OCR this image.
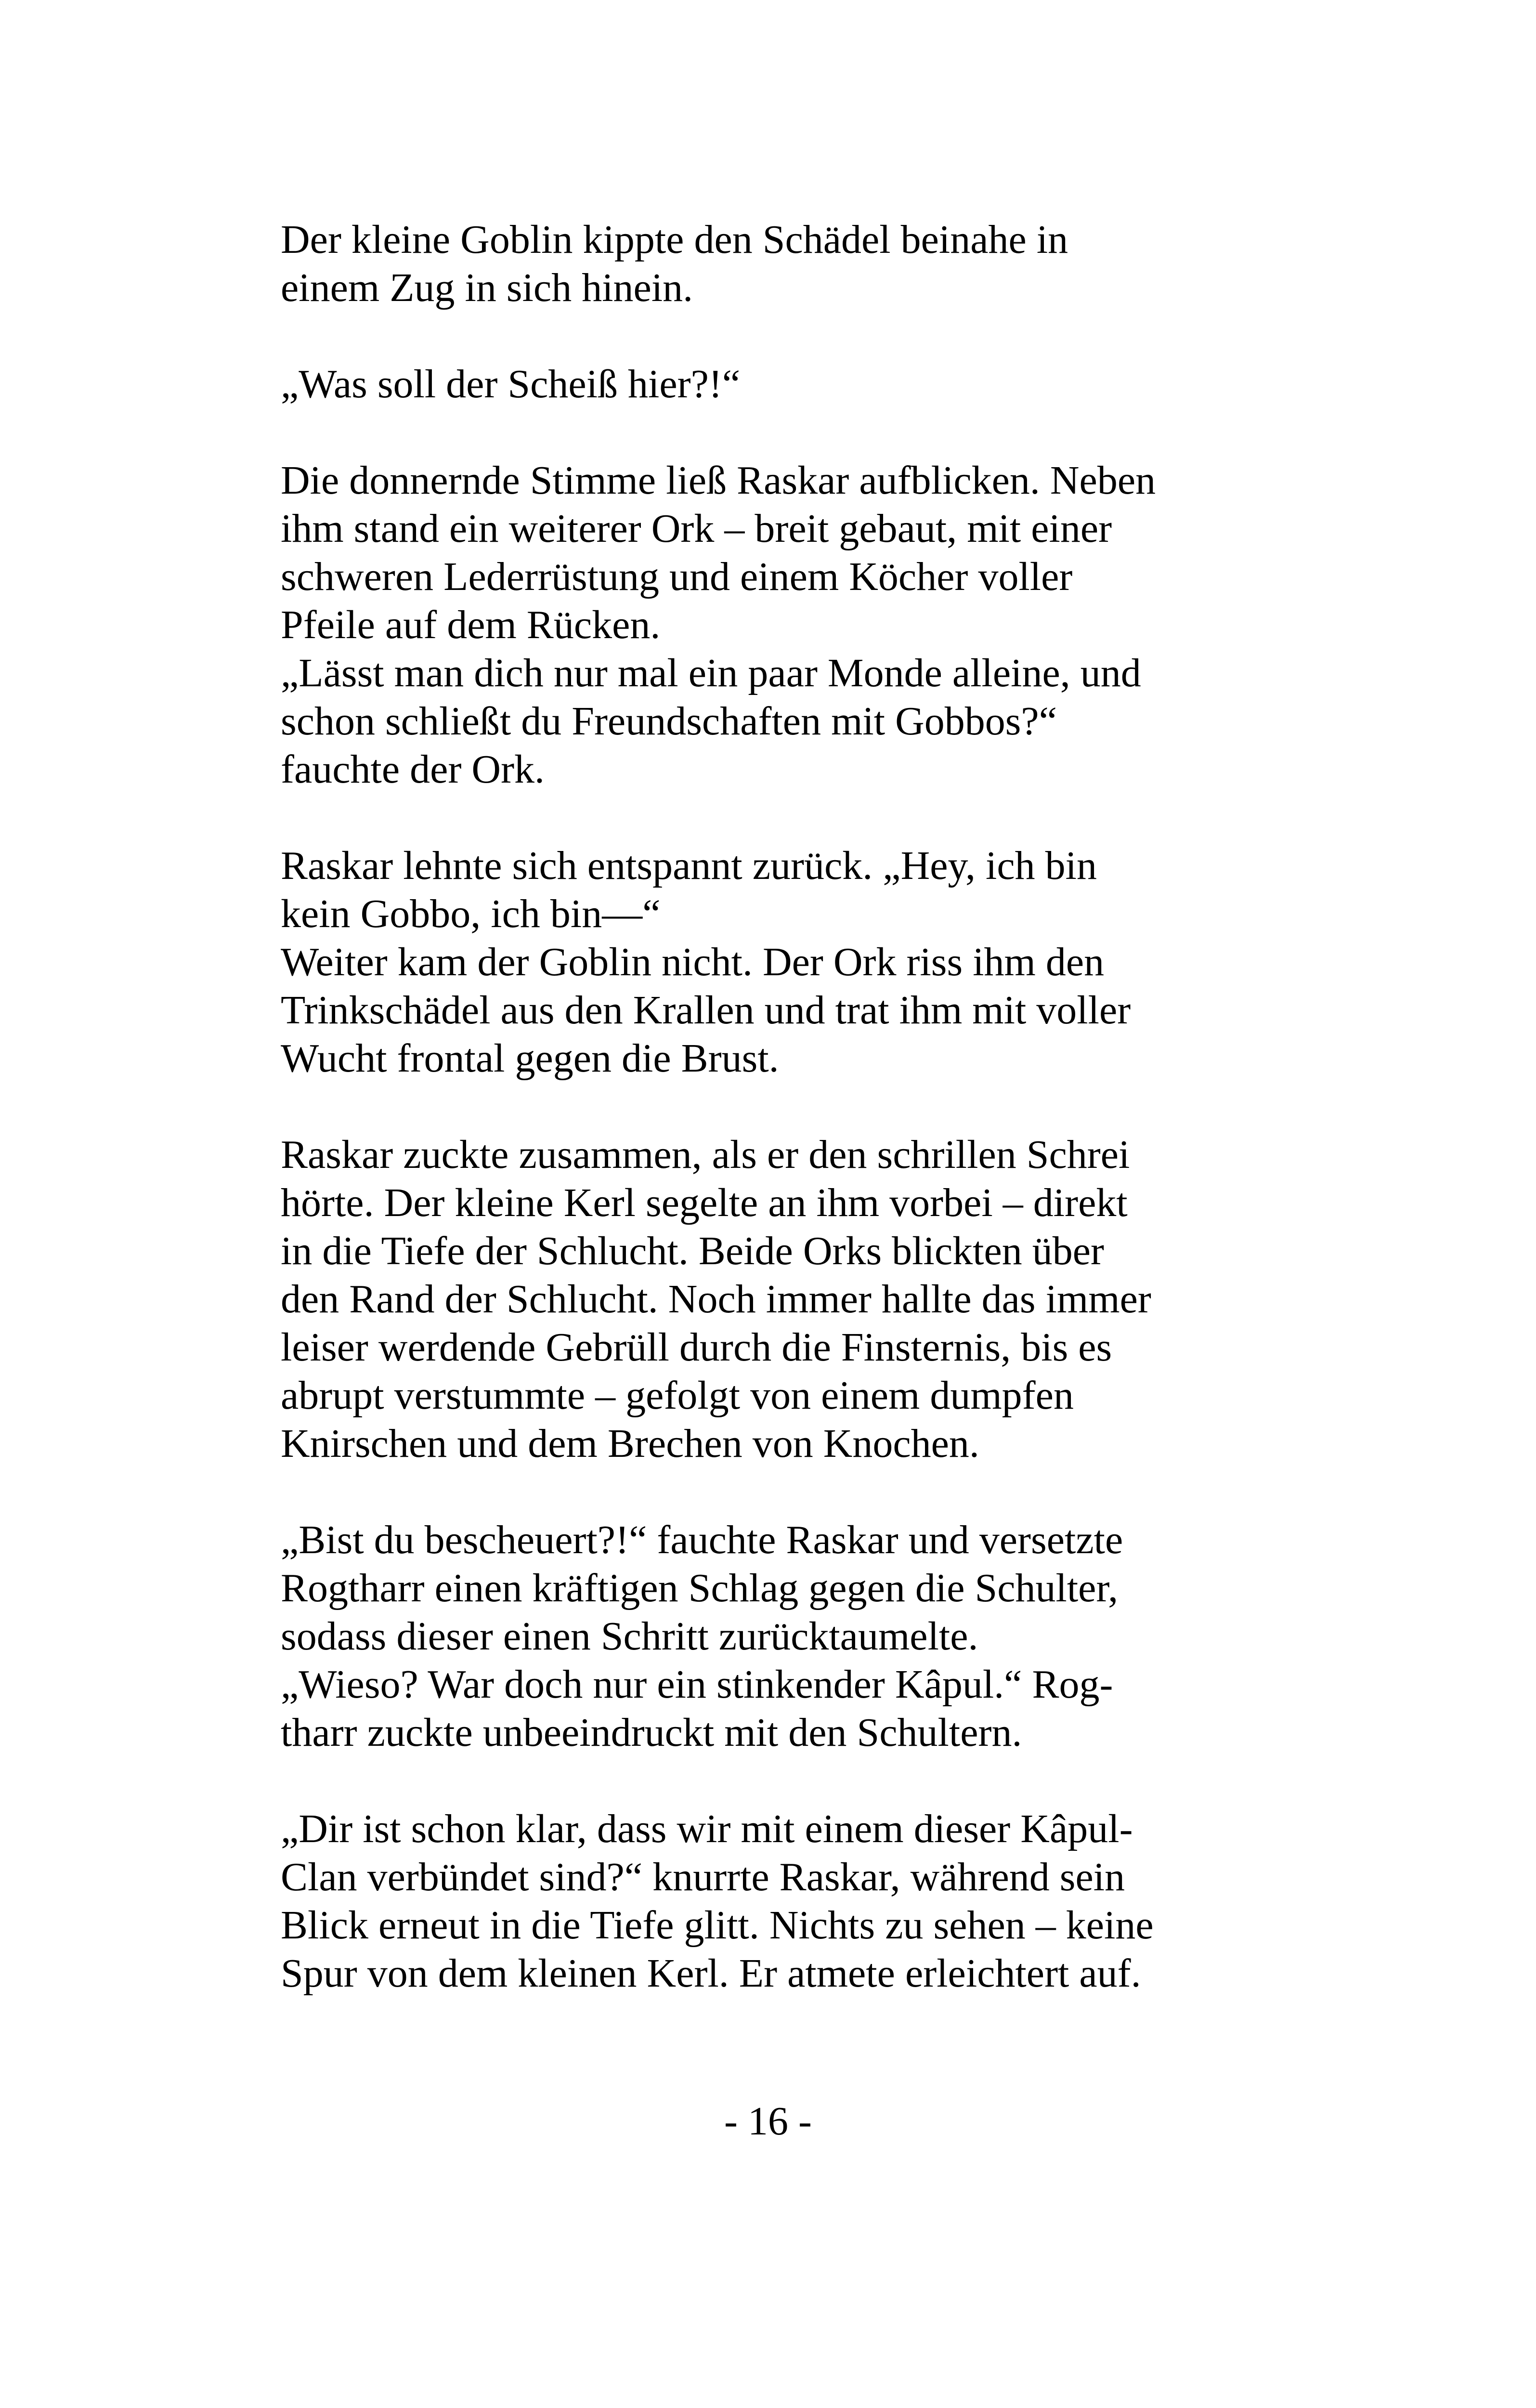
Der kleine Goblin kippte den Schädel beinahe in
einem Zug in sich hinein.
„Was soll der Scheiß hier?!“
Die donnernde Stimme ließ Raskar aufblicken. Neben
ihm stand ein weiterer Ork – breit gebaut, mit einer
schweren Lederrüstung und einem Köcher voller
Pfeile auf dem Rücken.
„Lässt man dich nur mal ein paar Monde alleine, und
schon schließt du Freundschaften mit Gobbos?“
fauchte der Ork.
Raskar lehnte sich entspannt zurück. „Hey, ich bin
kein Gobbo, ich bin—“
Weiter kam der Goblin nicht. Der Ork riss ihm den
Trinkschädel aus den Krallen und trat ihm mit voller
Wucht frontal gegen die Brust.
Raskar zuckte zusammen, als er den schrillen Schrei
hörte. Der kleine Kerl segelte an ihm vorbei – direkt
in die Tiefe der Schlucht. Beide Orks blickten über
den Rand der Schlucht. Noch immer hallte das immer
leiser werdende Gebrüll durch die Finsternis, bis es
abrupt verstummte – gefolgt von einem dumpfen
Knirschen und dem Brechen von Knochen.
„Bist du bescheuert?!“ fauchte Raskar und versetzte
Rogtharr einen kräftigen Schlag gegen die Schulter,
sodass dieser einen Schritt zurücktaumelte.
„Wieso? War doch nur ein stinkender Kâpul.“ Rog-
tharr zuckte unbeeindruckt mit den Schultern.
„Dir ist schon klar, dass wir mit einem dieser Kâpul-
Clan verbündet sind?“ knurrte Raskar, während sein
Blick erneut in die Tiefe glitt. Nichts zu sehen – keine
Spur von dem kleinen Kerl. Er atmete erleichtert auf.
- 16 -
